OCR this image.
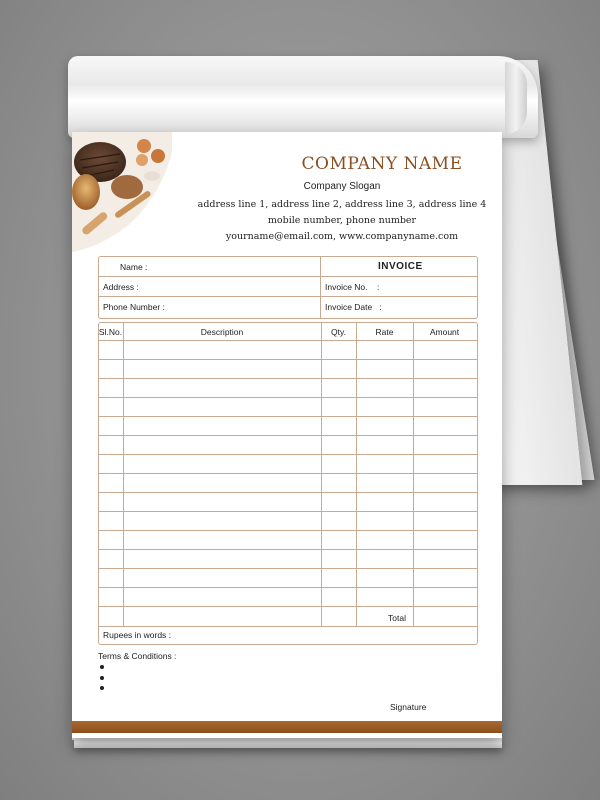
COMPANY NAME
Company Slogan
address line 1, address line 2, address line 3, address line 4
mobile number, phone number
yourname@email.com, www.companyname.com
Name :	INVOICE
Address :	Invoice No.    :
Phone Number :	Invoice Date   :
Sl.No.	Description	Qty.	Rate	Amount
Total
Rupees in words :
Terms & Conditions :
Signature
